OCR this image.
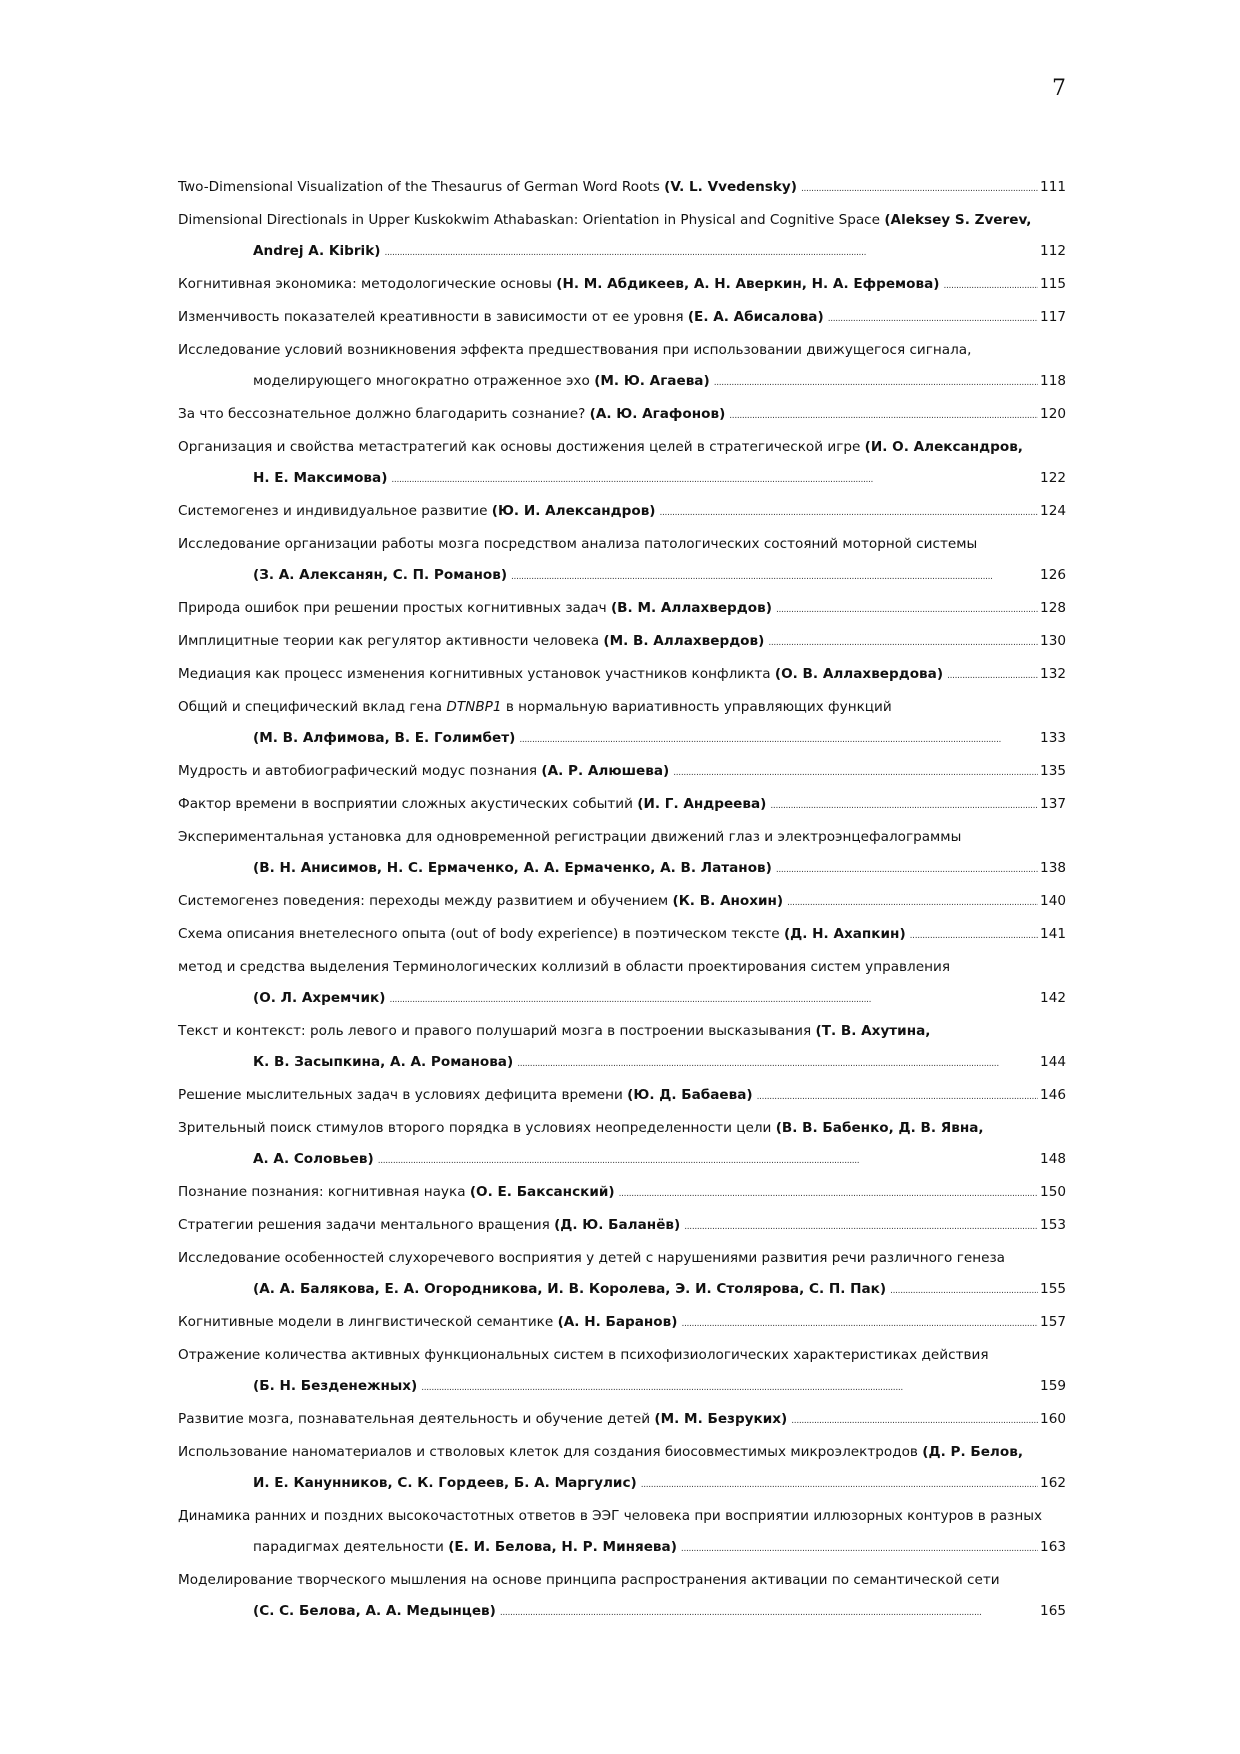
7
Two-Dimensional Visualization of the Thesaurus of German Word Roots (V. L. Vvedensky) . . .	111
Dimensional Directionals in Upper Kuskokwim Athabaskan: Orientation in Physical and Cognitive Space (Aleksey S. Zverev,
Andrej A. Kibrik) . . .	112
Когнитивная экономика: методологические основы (Н. М. Абдикеев, А. Н. Аверкин, Н. А. Ефремова) . . .	115
Изменчивость показателей креативности в зависимости от ее уровня (Е. А. Абисалова) . . .	117
Исследование условий возникновения эффекта предшествования при использовании движущегося сигнала,
моделирующего многократно отраженное эхо (М. Ю. Агаева) . . .	118
За что бессознательное должно благодарить сознание? (А. Ю. Агафонов) . . .	120
Организация и свойства метастратегий как основы достижения целей в стратегической игре (И. О. Александров,
Н. Е. Максимова) . . .	122
Системогенез и индивидуальное развитие (Ю. И. Александров) . . .	124
Исследование организации работы мозга посредством анализа патологических состояний моторной системы
(З. А. Алексанян, С. П. Романов) . . .	126
Природа ошибок при решении простых когнитивных задач (В. М. Аллахвердов) . . .	128
Имплицитные теории как регулятор активности человека (М. В. Аллахвердов) . . .	130
Медиация как процесс изменения когнитивных установок участников конфликта (О. В. Аллахвердова) . . .	132
Общий и специфический вклад гена DTNBP1 в нормальную вариативность управляющих функций
(М. В. Алфимова, В. Е. Голимбет) . . .	133
Мудрость и автобиографический модус познания (А. Р. Алюшева) . . .	135
Фактор времени в восприятии сложных акустических событий (И. Г. Андреева) . . .	137
Экспериментальная установка для одновременной регистрации движений глаз и электроэнцефалограммы
(В. Н. Анисимов, Н. С. Ермаченко, А. А. Ермаченко, А. В. Латанов) . . .	138
Системогенез поведения: переходы между развитием и обучением (К. В. Анохин) . . .	140
Схема описания внетелесного опыта (out of body experience) в поэтическом тексте (Д. Н. Ахапкин) . . .	141
метод и средства выделения Терминологических коллизий в области проектирования систем управления
(О. Л. Ахремчик) . . .	142
Текст и контекст: роль левого и правого полушарий мозга в построении высказывания (Т. В. Ахутина,
К. В. Засыпкина, А. А. Романова) . . .	144
Решение мыслительных задач в условиях дефицита времени (Ю. Д. Бабаева) . . .	146
Зрительный поиск стимулов второго порядка в условиях неопределенности цели (В. В. Бабенко, Д. В. Явна,
А. А. Соловьев) . . .	148
Познание познания: когнитивная наука (О. Е. Баксанский) . . .	150
Стратегии решения задачи ментального вращения (Д. Ю. Баланёв) . . .	153
Исследование особенностей слухоречевого восприятия у детей с нарушениями развития речи различного генеза
(А. А. Балякова, Е. А. Огородникова, И. В. Королева, Э. И. Столярова, С. П. Пак) . . .	155
Когнитивные модели в лингвистической семантике (А. Н. Баранов) . . .	157
Отражение количества активных функциональных систем в психофизиологических характеристиках действия
(Б. Н. Безденежных) . . .	159
Развитие мозга, познавательная деятельность и обучение детей (М. М. Безруких) . . .	160
Использование наноматериалов и стволовых клеток для создания биосовместимых микроэлектродов (Д. Р. Белов,
И. Е. Канунников, С. К. Гордеев, Б. А. Маргулис) . . .	162
Динамика ранних и поздних высокочастотных ответов в ЭЭГ человека при восприятии иллюзорных контуров в разных
парадигмах деятельности (Е. И. Белова, Н. Р. Миняева) . . .	163
Моделирование творческого мышления на основе принципа распространения активации по семантической сети
(С. С. Белова, А. А. Медынцев) . . .	165
